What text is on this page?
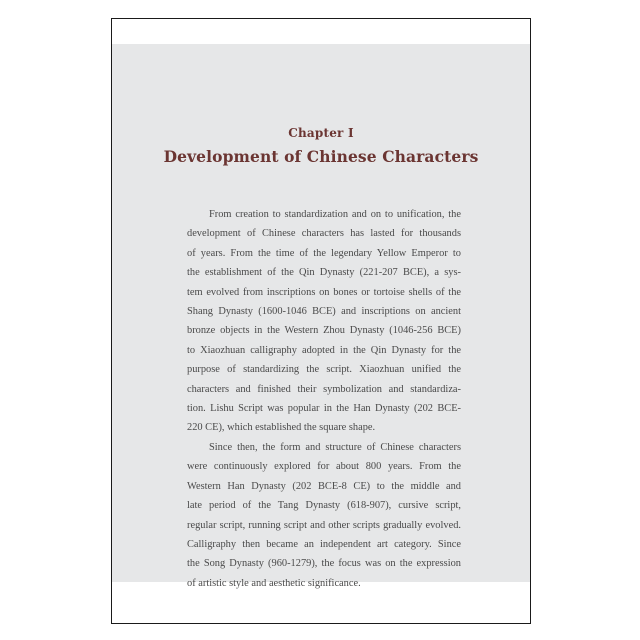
Chapter I
Development of Chinese Characters

From creation to standardization and on to unification, the
development of Chinese characters has lasted for thousands
of years. From the time of the legendary Yellow Emperor to
the establishment of the Qin Dynasty (221-207 BCE), a sys-
tem evolved from inscriptions on bones or tortoise shells of the
Shang Dynasty (1600-1046 BCE) and inscriptions on ancient
bronze objects in the Western Zhou Dynasty (1046-256 BCE)
to Xiaozhuan calligraphy adopted in the Qin Dynasty for the
purpose of standardizing the script. Xiaozhuan unified the
characters and finished their symbolization and standardiza-
tion. Lishu Script was popular in the Han Dynasty (202 BCE-
220 CE), which established the square shape.

Since then, the form and structure of Chinese characters
were continuously explored for about 800 years. From the
Western Han Dynasty (202 BCE-8 CE) to the middle and
late period of the Tang Dynasty (618-907), cursive script,
regular script, running script and other scripts gradually evolved.
Calligraphy then became an independent art category. Since
the Song Dynasty (960-1279), the focus was on the expression
of artistic style and aesthetic significance.
